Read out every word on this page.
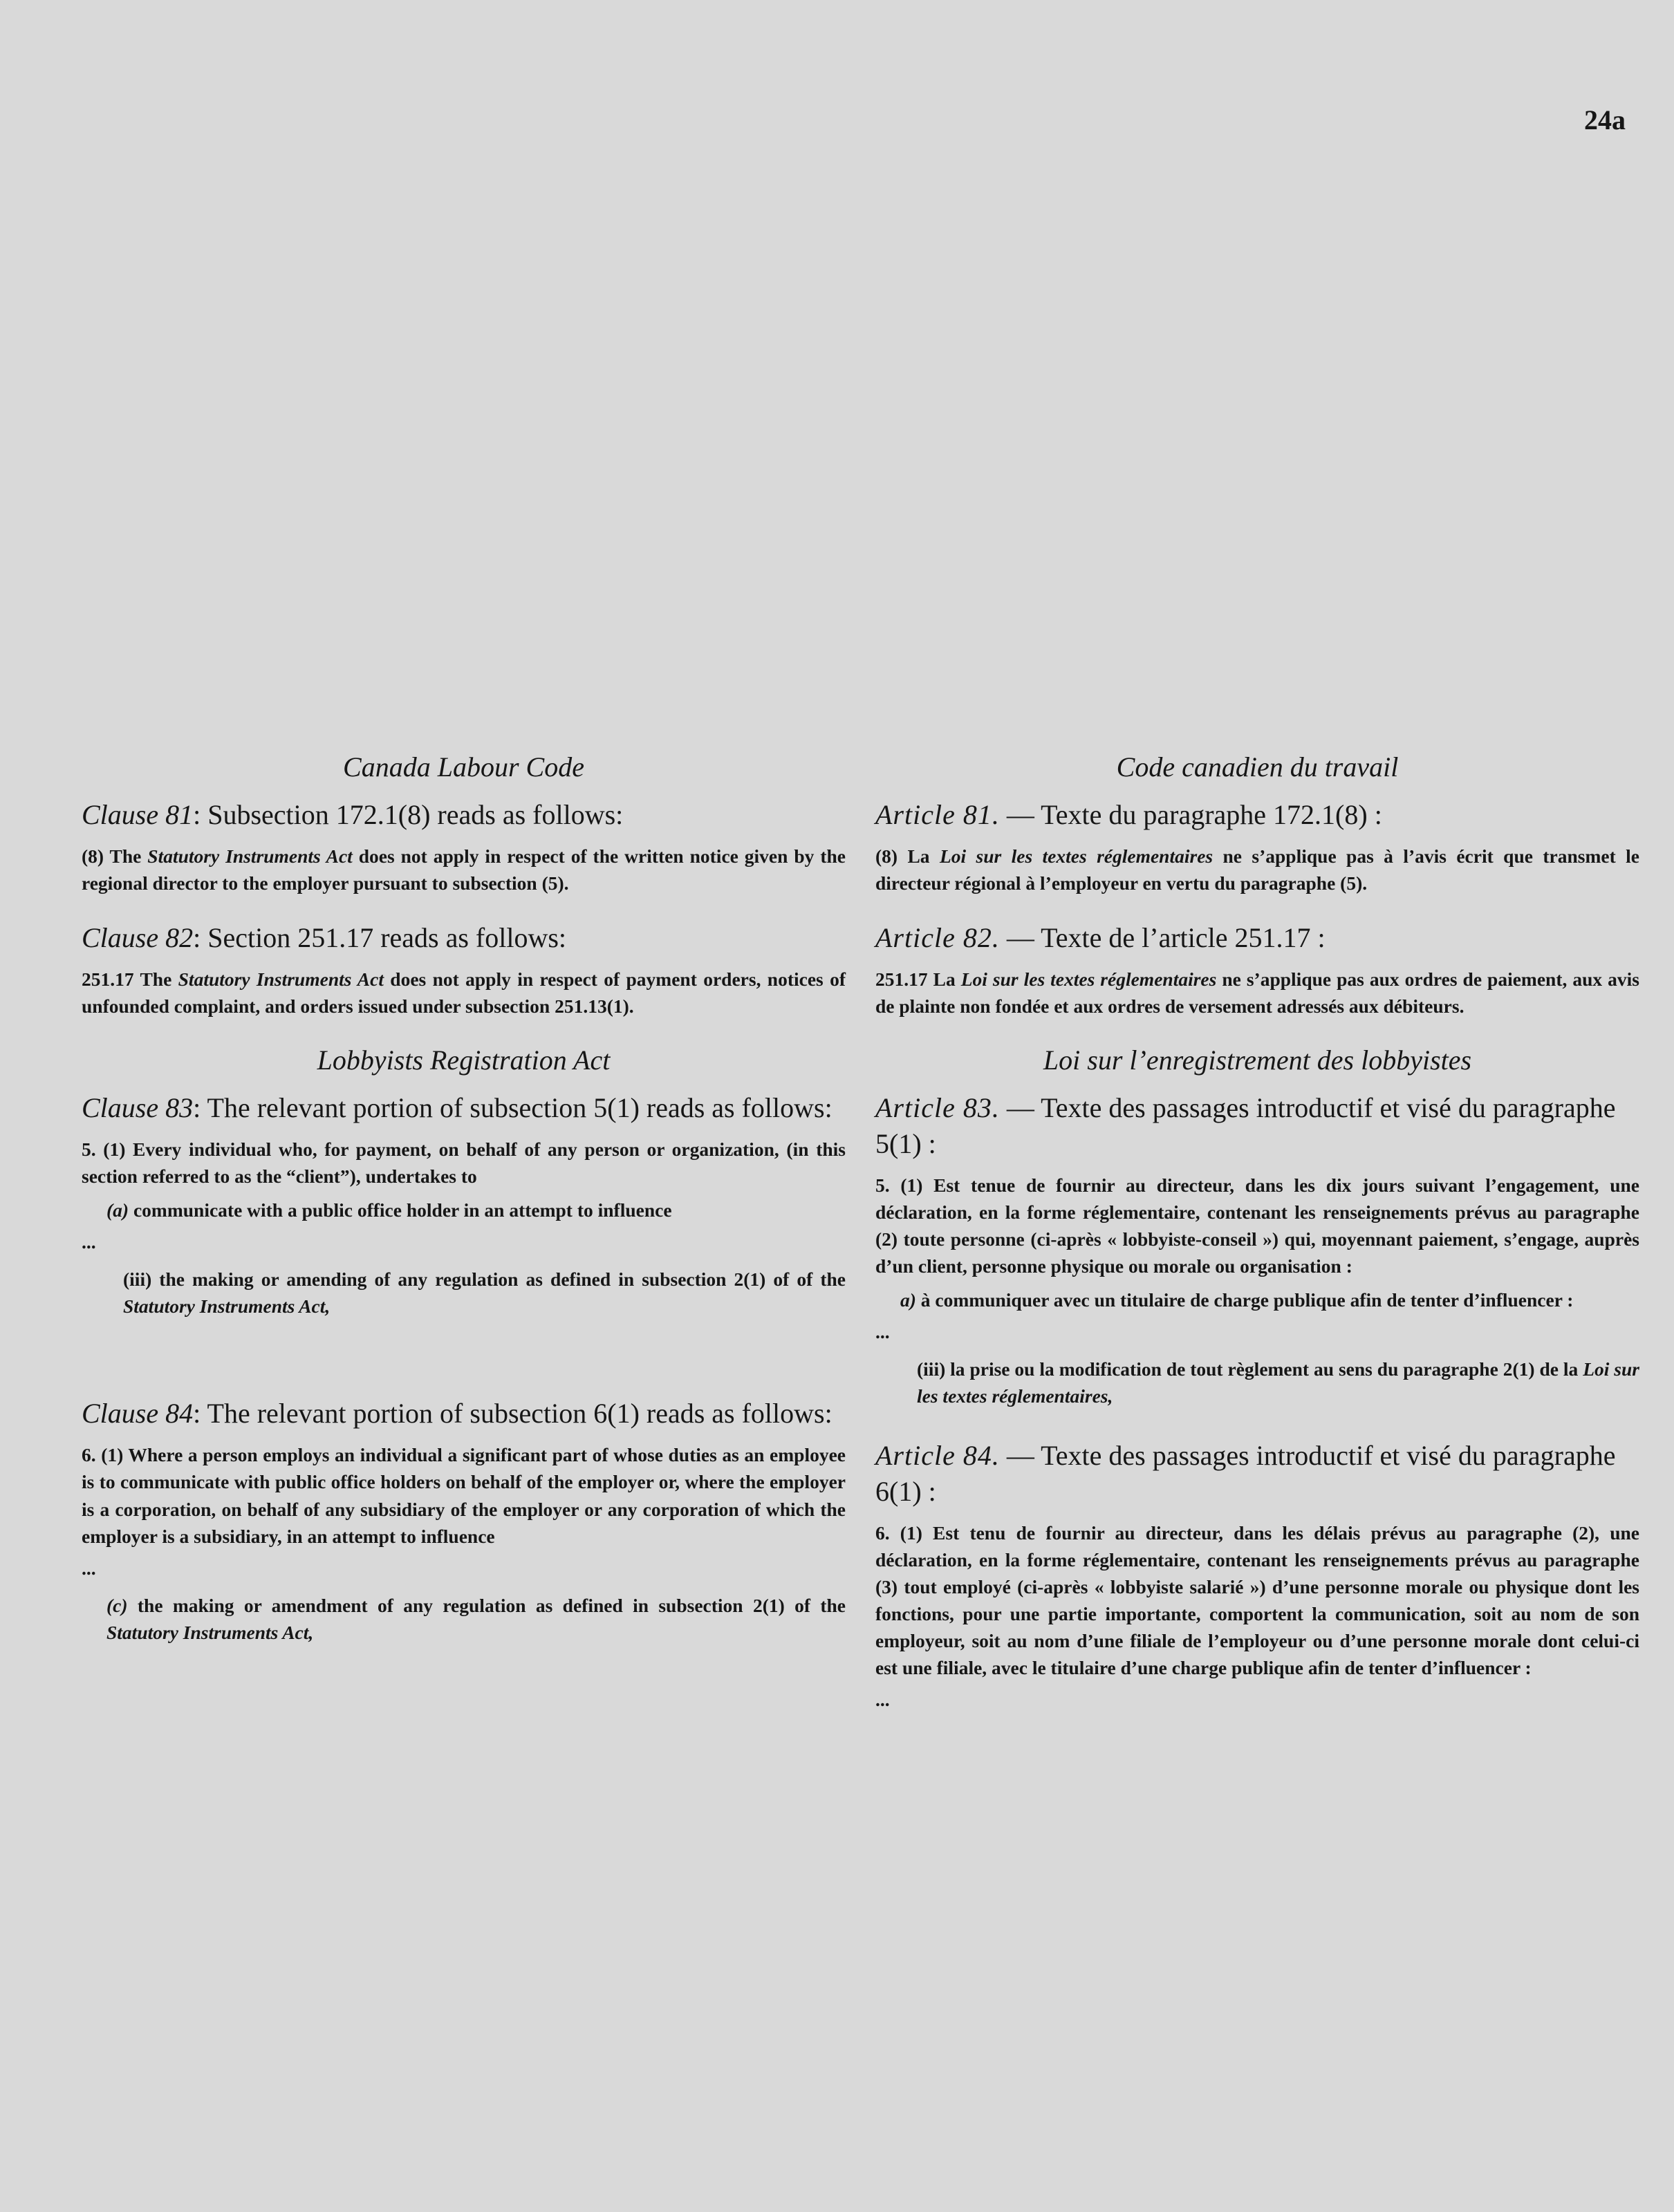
24a

Canada Labour Code

Clause 81: Subsection 172.1(8) reads as follows:

(8) The Statutory Instruments Act does not apply in respect of the written notice given by the regional director to the employer pursuant to subsection (5).

Clause 82: Section 251.17 reads as follows:

251.17 The Statutory Instruments Act does not apply in respect of payment orders, notices of unfounded complaint, and orders issued under subsection 251.13(1).

Lobbyists Registration Act

Clause 83: The relevant portion of subsection 5(1) reads as follows:

5. (1) Every individual who, for payment, on behalf of any person or organization, (in this section referred to as the “client”), undertakes to

(a) communicate with a public office holder in an attempt to influence

...

(iii) the making or amending of any regulation as defined in subsection 2(1) of of the Statutory Instruments Act,

Clause 84: The relevant portion of subsection 6(1) reads as follows:

6. (1) Where a person employs an individual a significant part of whose duties as an employee is to communicate with public office holders on behalf of the employer or, where the employer is a corporation, on behalf of any subsidiary of the employer or any corporation of which the employer is a subsidiary, in an attempt to influence

...

(c) the making or amendment of any regulation as defined in subsection 2(1) of the Statutory Instruments Act,

Code canadien du travail

Article 81. — Texte du paragraphe 172.1(8) :

(8) La Loi sur les textes réglementaires ne s’applique pas à l’avis écrit que transmet le directeur régional à l’employeur en vertu du paragraphe (5).

Article 82. — Texte de l’article 251.17 :

251.17 La Loi sur les textes réglementaires ne s’applique pas aux ordres de paiement, aux avis de plainte non fondée et aux ordres de versement adressés aux débiteurs.

Loi sur l’enregistrement des lobbyistes

Article 83. — Texte des passages introductif et visé du paragraphe 5(1) :

5. (1) Est tenue de fournir au directeur, dans les dix jours suivant l’engagement, une déclaration, en la forme réglementaire, contenant les renseignements prévus au paragraphe (2) toute personne (ci-après « lobbyiste-conseil ») qui, moyennant paiement, s’engage, auprès d’un client, personne physique ou morale ou organisation :

a) à communiquer avec un titulaire de charge publique afin de tenter d’influencer :

...

(iii) la prise ou la modification de tout règlement au sens du paragraphe 2(1) de la Loi sur les textes réglementaires,

Article 84. — Texte des passages introductif et visé du paragraphe 6(1) :

6. (1) Est tenu de fournir au directeur, dans les délais prévus au paragraphe (2), une déclaration, en la forme réglementaire, contenant les renseignements prévus au paragraphe (3) tout employé (ci-après « lobbyiste salarié ») d’une personne morale ou physique dont les fonctions, pour une partie importante, comportent la communication, soit au nom de son employeur, soit au nom d’une filiale de l’employeur ou d’une personne morale dont celui-ci est une filiale, avec le titulaire d’une charge publique afin de tenter d’influencer :

...
